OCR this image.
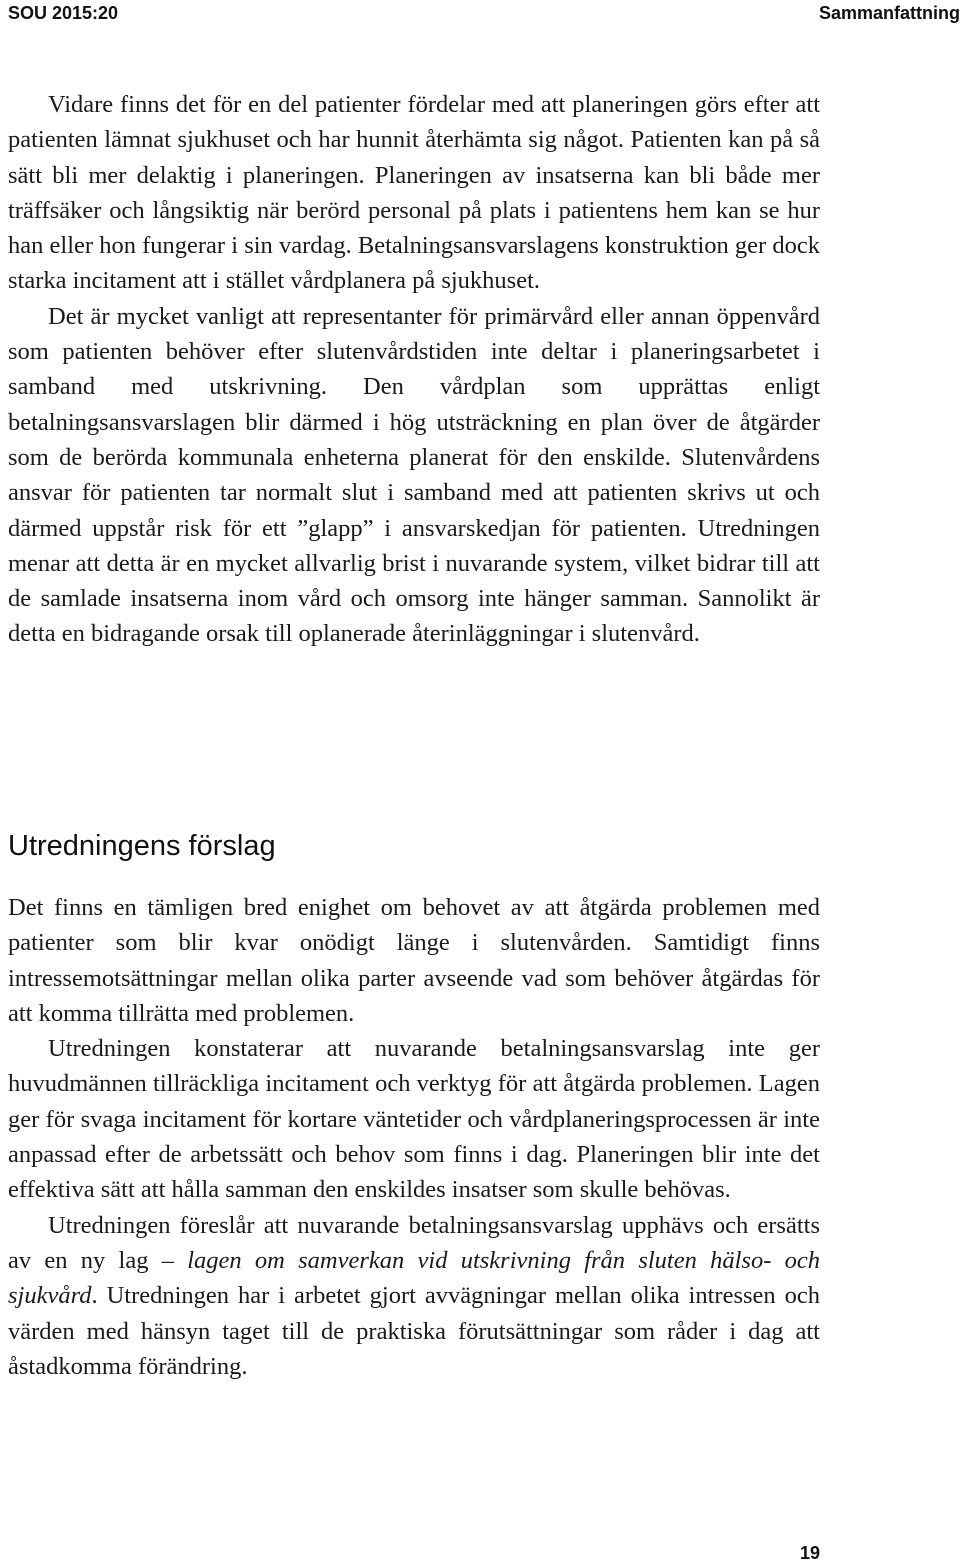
SOU 2015:20	Sammanfattning

Vidare finns det för en del patienter fördelar med att planeringen görs efter att patienten lämnat sjukhuset och har hunnit återhämta sig något. Patienten kan på så sätt bli mer delaktig i planeringen. Planeringen av insatserna kan bli både mer träffsäker och långsiktig när berörd personal på plats i patientens hem kan se hur han eller hon fungerar i sin vardag. Betalningsansvarslagens konstruktion ger dock starka incitament att i stället vårdplanera på sjukhuset.

Det är mycket vanligt att representanter för primärvård eller annan öppenvård som patienten behöver efter slutenvårdstiden inte deltar i planeringsarbetet i samband med utskrivning. Den vårdplan som upprättas enligt betalningsansvarslagen blir därmed i hög utsträckning en plan över de åtgärder som de berörda kommunala enheterna planerat för den enskilde. Slutenvårdens ansvar för patienten tar normalt slut i samband med att patienten skrivs ut och därmed uppstår risk för ett ”glapp” i ansvarskedjan för patienten. Utredningen menar att detta är en mycket allvarlig brist i nuvarande system, vilket bidrar till att de samlade insatserna inom vård och omsorg inte hänger samman. Sannolikt är detta en bidragande orsak till oplanerade återinläggningar i slutenvård.

Utredningens förslag

Det finns en tämligen bred enighet om behovet av att åtgärda problemen med patienter som blir kvar onödigt länge i slutenvården. Samtidigt finns intressemotsättningar mellan olika parter avseende vad som behöver åtgärdas för att komma tillrätta med problemen.

Utredningen konstaterar att nuvarande betalningsansvarslag inte ger huvudmännen tillräckliga incitament och verktyg för att åtgärda problemen. Lagen ger för svaga incitament för kortare väntetider och vårdplaneringsprocessen är inte anpassad efter de arbetssätt och behov som finns i dag. Planeringen blir inte det effektiva sätt att hålla samman den enskildes insatser som skulle behövas.

Utredningen föreslår att nuvarande betalningsansvarslag upphävs och ersätts av en ny lag – lagen om samverkan vid utskrivning från sluten hälso- och sjukvård. Utredningen har i arbetet gjort avvägningar mellan olika intressen och värden med hänsyn taget till de praktiska förutsättningar som råder i dag att åstadkomma förändring.

19
